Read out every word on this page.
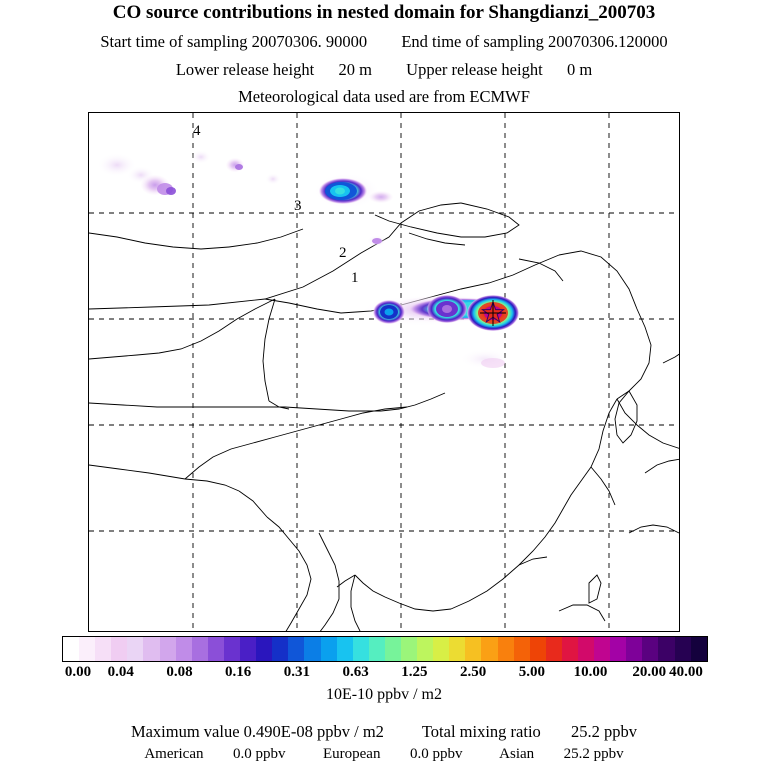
CO source contributions in nested domain for Shangdianzi_200703
Start time of sampling 20070306. 90000 End time of sampling 20070306.120000
Lower release height 20 m Upper release height 0 m
Meteorological data used are from ECMWF
4
3
2
1
0.00 0.04 0.08 0.16 0.31 0.63 1.25 2.50 5.00 10.00 20.00 40.00
10E-10 ppbv / m2
Maximum value 0.490E-08 ppbv / m2 Total mixing ratio 25.2 ppbv
American 0.0 ppbv	European 0.0 ppbv Asian 25.2 ppbv
